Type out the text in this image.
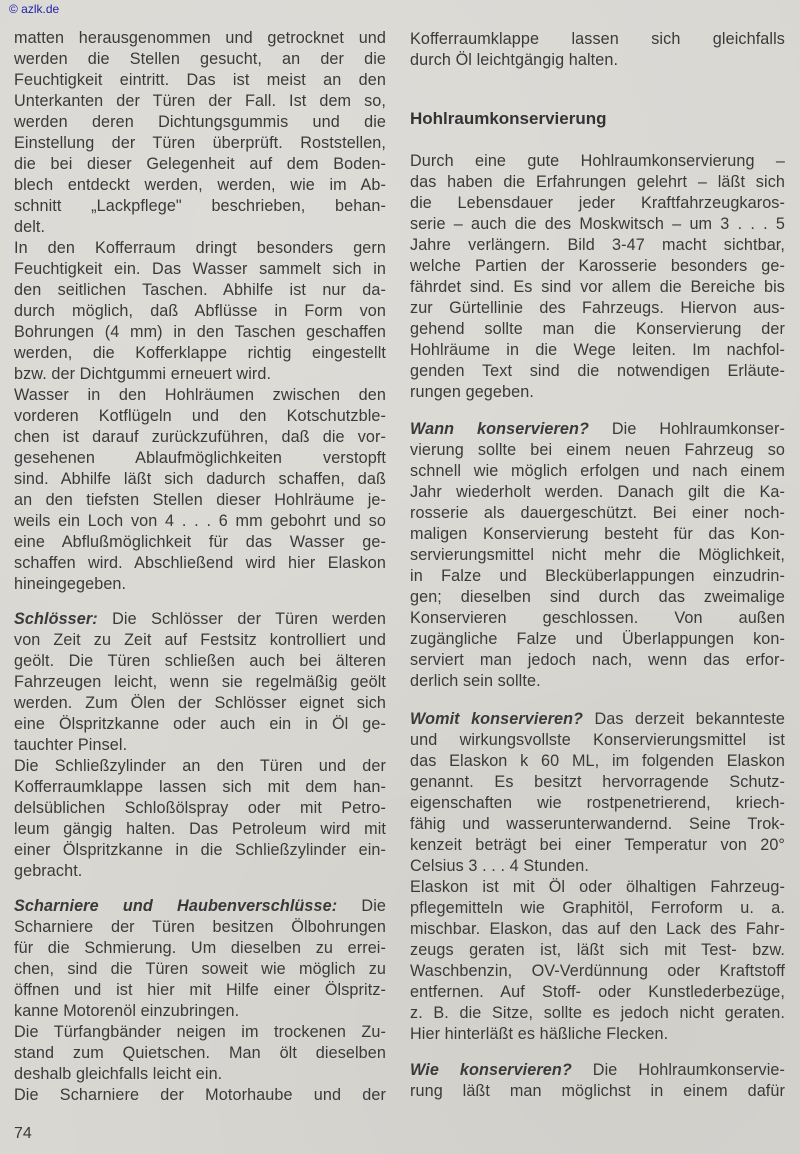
© azlk.de
matten herausgenommen und getrocknet und
werden die Stellen gesucht, an der die
Feuchtigkeit eintritt. Das ist meist an den
Unterkanten der Türen der Fall. Ist dem so,
werden deren Dichtungsgummis und die
Einstellung der Türen überprüft. Roststellen,
die bei dieser Gelegenheit auf dem Boden-
blech entdeckt werden, werden, wie im Ab-
schnitt „Lackpflege" beschrieben, behan-
delt.
In den Kofferraum dringt besonders gern
Feuchtigkeit ein. Das Wasser sammelt sich in
den seitlichen Taschen. Abhilfe ist nur da-
durch möglich, daß Abflüsse in Form von
Bohrungen (4 mm) in den Taschen geschaffen
werden, die Kofferklappe richtig eingestellt
bzw. der Dichtgummi erneuert wird.
Wasser in den Hohlräumen zwischen den
vorderen Kotflügeln und den Kotschutzble-
chen ist darauf zurückzuführen, daß die vor-
gesehenen Ablaufmöglichkeiten verstopft
sind. Abhilfe läßt sich dadurch schaffen, daß
an den tiefsten Stellen dieser Hohlräume je-
weils ein Loch von 4 . . . 6 mm gebohrt und so
eine Abflußmöglichkeit für das Wasser ge-
schaffen wird. Abschließend wird hier Elaskon
hineingegeben.
Schlösser: Die Schlösser der Türen werden
von Zeit zu Zeit auf Festsitz kontrolliert und
geölt. Die Türen schließen auch bei älteren
Fahrzeugen leicht, wenn sie regelmäßig geölt
werden. Zum Ölen der Schlösser eignet sich
eine Ölspritzkanne oder auch ein in Öl ge-
tauchter Pinsel.
Die Schließzylinder an den Türen und der
Kofferraumklappe lassen sich mit dem han-
delsüblichen Schloßölspray oder mit Petro-
leum gängig halten. Das Petroleum wird mit
einer Ölspritzkanne in die Schließzylinder ein-
gebracht.
Scharniere und Haubenverschlüsse: Die
Scharniere der Türen besitzen Ölbohrungen
für die Schmierung. Um dieselben zu errei-
chen, sind die Türen soweit wie möglich zu
öffnen und ist hier mit Hilfe einer Ölspritz-
kanne Motorenöl einzubringen.
Die Türfangbänder neigen im trockenen Zu-
stand zum Quietschen. Man ölt dieselben
deshalb gleichfalls leicht ein.
Die Scharniere der Motorhaube und der
Kofferraumklappe lassen sich gleichfalls
durch Öl leichtgängig halten.
Hohlraumkonservierung
Durch eine gute Hohlraumkonservierung –
das haben die Erfahrungen gelehrt – läßt sich
die Lebensdauer jeder Kraftfahrzeugkaros-
serie – auch die des Moskwitsch – um 3 . . . 5
Jahre verlängern. Bild 3-47 macht sichtbar,
welche Partien der Karosserie besonders ge-
fährdet sind. Es sind vor allem die Bereiche bis
zur Gürtellinie des Fahrzeugs. Hiervon aus-
gehend sollte man die Konservierung der
Hohlräume in die Wege leiten. Im nachfol-
genden Text sind die notwendigen Erläute-
rungen gegeben.
Wann konservieren? Die Hohlraumkonser-
vierung sollte bei einem neuen Fahrzeug so
schnell wie möglich erfolgen und nach einem
Jahr wiederholt werden. Danach gilt die Ka-
rosserie als dauergeschützt. Bei einer noch-
maligen Konservierung besteht für das Kon-
servierungsmittel nicht mehr die Möglichkeit,
in Falze und Blecküberlappungen einzudrin-
gen; dieselben sind durch das zweimalige
Konservieren geschlossen. Von außen
zugängliche Falze und Überlappungen kon-
serviert man jedoch nach, wenn das erfor-
derlich sein sollte.
Womit konservieren? Das derzeit bekannteste
und wirkungsvollste Konservierungsmittel ist
das Elaskon k 60 ML, im folgenden Elaskon
genannt. Es besitzt hervorragende Schutz-
eigenschaften wie rostpenetrierend, kriech-
fähig und wasserunterwandernd. Seine Trok-
kenzeit beträgt bei einer Temperatur von 20°
Celsius 3 . . . 4 Stunden.
Elaskon ist mit Öl oder ölhaltigen Fahrzeug-
pflegemitteln wie Graphitöl, Ferroform u. a.
mischbar. Elaskon, das auf den Lack des Fahr-
zeugs geraten ist, läßt sich mit Test- bzw.
Waschbenzin, OV-Verdünnung oder Kraftstoff
entfernen. Auf Stoff- oder Kunstlederbezüge,
z. B. die Sitze, sollte es jedoch nicht geraten.
Hier hinterläßt es häßliche Flecken.
Wie konservieren? Die Hohlraumkonservie-
rung läßt man möglichst in einem dafür
74
